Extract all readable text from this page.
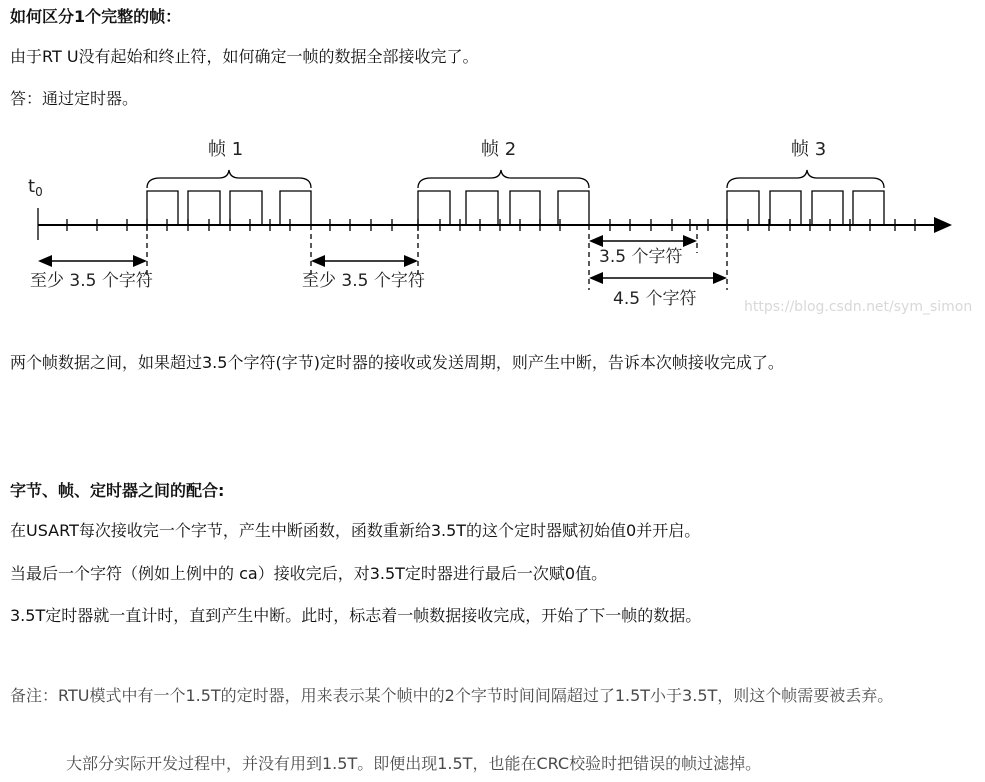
如何区分1个完整的帧：

由于RT U没有起始和终止符，如何确定一帧的数据全部接收完了。

答：通过定时器。

帧 1	帧 2	帧 3
$t_0$
至少 3.5 个字符	至少 3.5 个字符
3.5 个字符
4.5 个字符	https://blog.csdn.net/sym_simon

两个帧数据之间，如果超过3.5个字符(字节)定时器的接收或发送周期，则产生中断，告诉本次帧接收完成了。

字节、帧、定时器之间的配合:

在USART每次接收完一个字节，产生中断函数，函数重新给3.5T的这个定时器赋初始值0并开启。

当最后一个字符（例如上例中的 ca）接收完后，对3.5T定时器进行最后一次赋0值。

3.5T定时器就一直计时，直到产生中断。此时，标志着一帧数据接收完成，开始了下一帧的数据。

备注：RTU模式中有一个1.5T的定时器，用来表示某个帧中的2个字节时间间隔超过了1.5T小于3.5T，则这个帧需要被丢弃。

大部分实际开发过程中，并没有用到1.5T。即便出现1.5T，也能在CRC校验时把错误的帧过滤掉。
